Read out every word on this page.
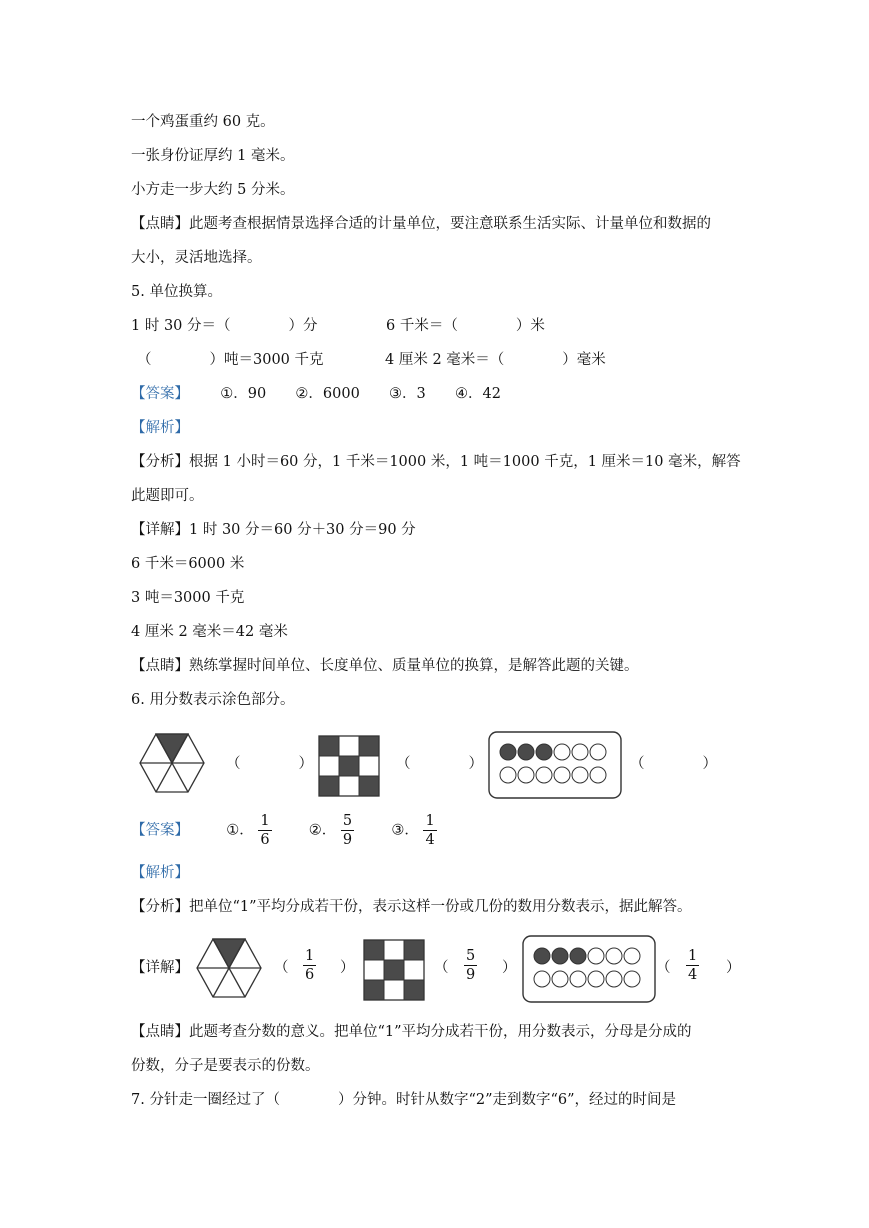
一个鸡蛋重约 60 克。
一张身份证厚约 1 毫米。
小方走一步大约 5 分米。
【点睛】此题考查根据情景选择合适的计量单位，要注意联系生活实际、计量单位和数据的
大小，灵活地选择。
5. 单位换算。
1 时 30 分＝（　　　　）分	6 千米＝（　　　　）米
（　　　　）吨＝3000 千克	4 厘米 2 毫米＝（　　　　）毫米
【答案】 ①．90 ②．6000 ③．3 ④．42
【解析】
【分析】根据 1 小时＝60 分，1 千米＝1000 米，1 吨＝1000 千克，1 厘米＝10 毫米，解答
此题即可。
【详解】1 时 30 分＝60 分＋30 分＝90 分
6 千米＝6000 米
3 吨＝3000 千克
4 厘米 2 毫米＝42 毫米
【点睛】熟练掌握时间单位、长度单位、质量单位的换算，是解答此题的关键。
6. 用分数表示涂色部分。
（　　　　）	（　　　　）	（　　　　）
【答案】	①． $\frac{1}{6}$	②． $\frac{5}{9}$	③． $\frac{1}{4}$
【解析】
【分析】把单位“1”平均分成若干份，表示这样一份或几份的数用分数表示，据此解答。
【详解】	（ $\frac{1}{6}$ ）	（ $\frac{5}{9}$ ）	（ $\frac{1}{4}$ ）
【点睛】此题考查分数的意义。把单位“1”平均分成若干份，用分数表示，分母是分成的
份数，分子是要表示的份数。
7. 分针走一圈经过了（　　　　）分钟。时针从数字“2”走到数字“6”，经过的时间是
